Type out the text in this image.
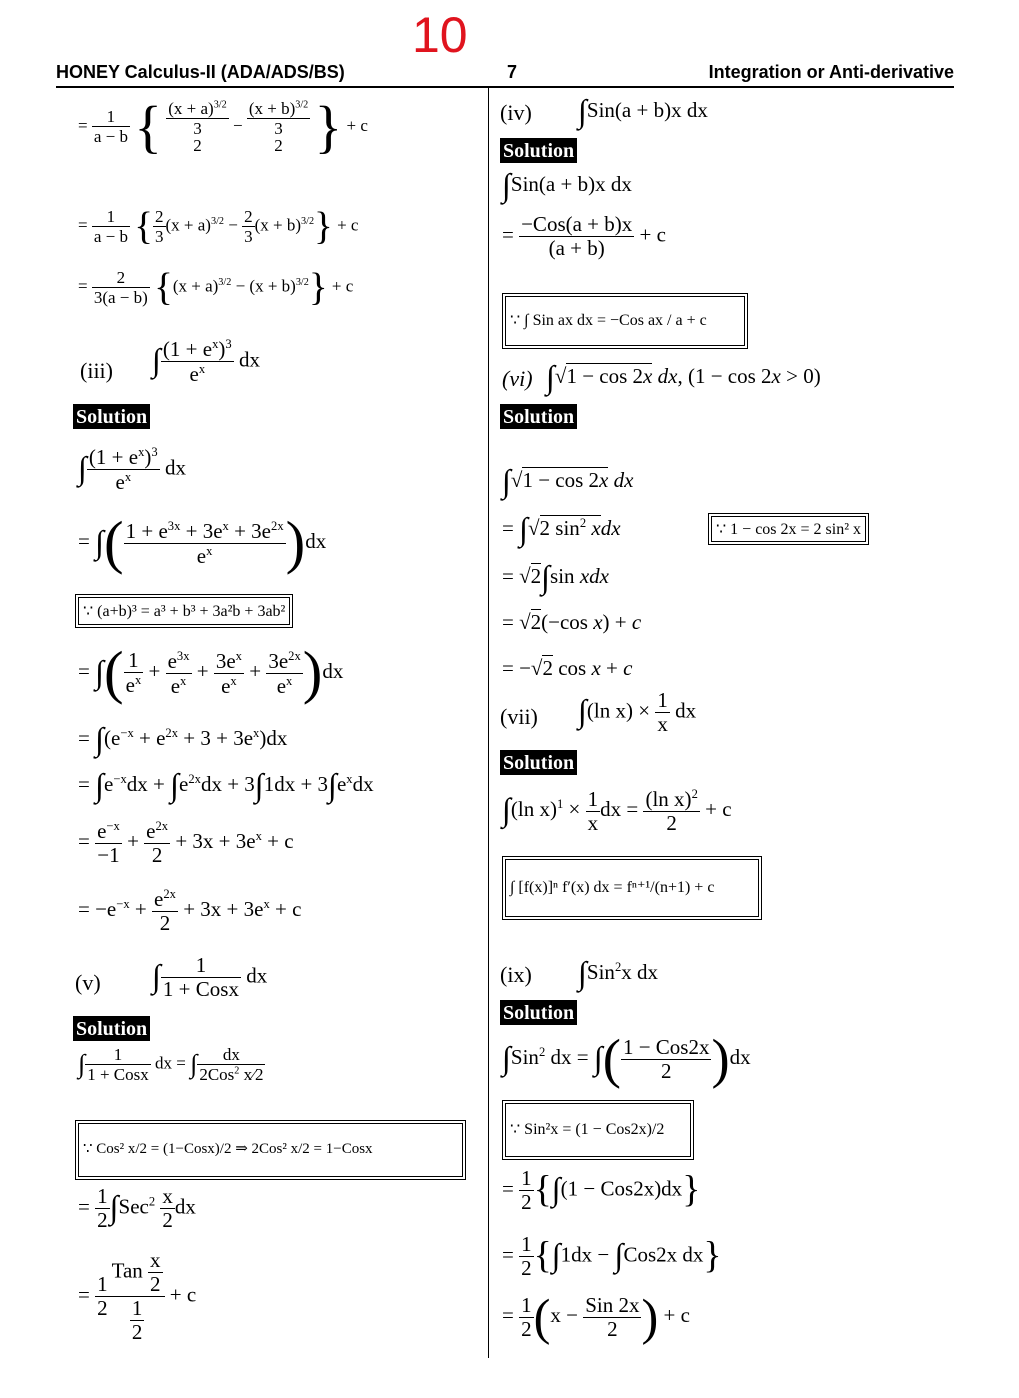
10
HONEY Calculus-II (ADA/ADS/BS)	7	Integration or Anti-derivative
= $\frac{1}{a - b}$ { $(x + a)^{3/2}$
3
2
−
$(x + b)^{3/2}$
3
2 } + c
= $\frac{1}{a - b}$ { $\frac{2}{3} (x + a)^{3/2} - \frac{2}{3} (x + b)^{3/2}\} + c$
= $\frac{2}{3(a - b)} \{(x + a)^{3/2} - (x + b)^{3/2}\} + c$
(iii) ∫ $\frac{(1 + e^x)^3}{e^x}$ dx
Solution
∫ $\frac{(1 + e^x)^3}{e^x}$ dx
= ∫( $\frac{1 + e^{3x} + 3e^x + 3e^{2x}}{e^x} )dx$
∵ (a+b)³ = a³ + b³ + 3a²b + 3ab²
= ∫( $\frac{1}{e^x} + \frac{e^{3x}}{e^x} + \frac{3e^x}{e^x} + \frac{3e^{2x}}{e^x} )dx$
= $\int(e^{-x} + e^{2x} + 3 + 3e^x)dx$
= $\int e^{-x}dx + \int e^{2x}dx + 3\int 1dx + 3\int e^xdx$
= $\frac{e^{-x}}{-1} + \frac{e^{2x}}{2} + 3x + 3e^x + c$
= $-e^{-x} + \frac{e^{2x}}{2} + 3x + 3e^x + c$
(v) ∫ $\frac{1}{\text{1 + Cosx}}$ dx
Solution
∫ $\frac{1}{\text{1 + Cosx}}$ dx = ∫ $\frac{dx}{2Cos^2 x⁄2}$
∵ Cos² x/2 = (1−Cosx)/2 ⇒ 2Cos² x/2 = 1−Cosx
= $\frac{1}{2} \int Sec^2 \frac{x}{2}$ dx
= $\frac{1}{2} \frac{Tan \frac{x}{2}}{\frac{1}{2}} + c$
(iv) ∫Sin(a + b)x dx
Solution
∫Sin(a + b)x dx
= $\frac{\text{−Cos(a + b)x}}{(a + b)} + c$
∵ ∫ Sin ax dx = −Cos ax / a + c
(vi) ∫√1 − cos 2x dx, (1 − cos 2x > 0)
Solution
∫√1 − cos 2x dx
= ∫√2 $\sin^2$ xdx	∵ 1 − cos 2x = 2 sin² x
= √2∫sin xdx
= √2(−cos x) + c
= −√2 cos x + c
(vii) ∫(ln $x) \times \frac{1}{x}$ dx
Solution
∫(ln $x)^1 \times \frac{1}{x}$ dx = $\frac{(\ln x)^2}{2} + c$
∫ [f(x)]ⁿ f′(x) dx = fⁿ⁺¹/(n+1) + c
(ix) ∫Sin$^2$x dx
Solution
∫Sin$^2$ dx = ∫( $\frac{\text{1 − Cos2x}}{2} )dx$
∵ Sin²x = (1 − Cos2x)/2
= $\frac{1}{2} \{\int(1 - Cos2x)dx\}$
= $\frac{1}{2} \{\int 1dx - \int Cos2x$ dx}
= $\frac{1}{2} (x - \frac{\text{Sin 2x}}{2}$ ) + c
